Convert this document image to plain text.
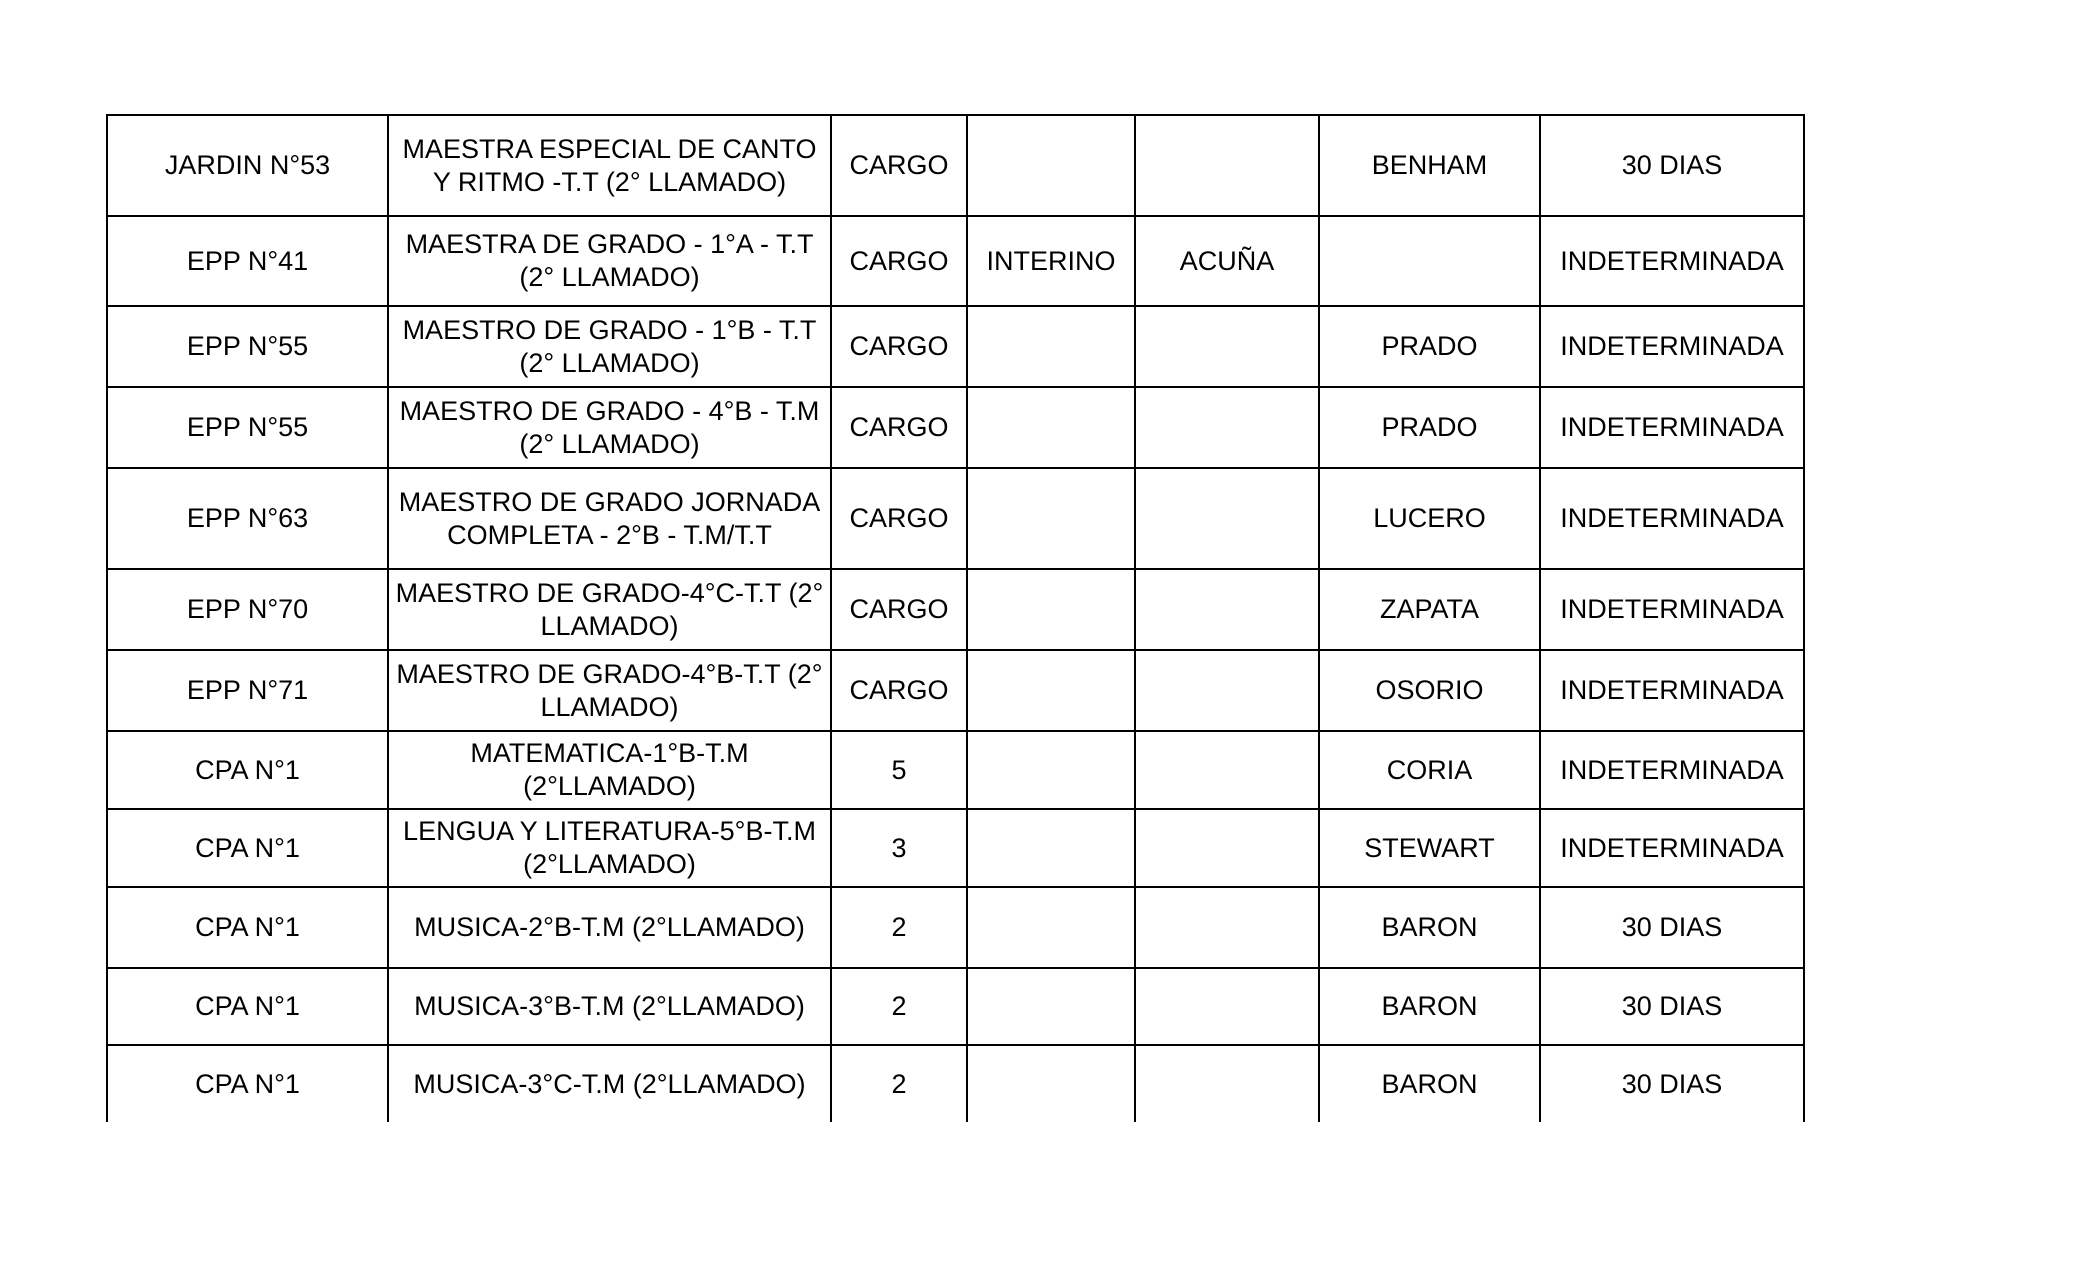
JARDIN N°53	MAESTRA ESPECIAL DE CANTO Y RITMO -T.T (2° LLAMADO)	CARGO			BENHAM	30 DIAS
EPP N°41	MAESTRA DE GRADO - 1°A - T.T (2° LLAMADO)	CARGO	INTERINO	ACUÑA		INDETERMINADA
EPP N°55	MAESTRO DE GRADO - 1°B - T.T (2° LLAMADO)	CARGO			PRADO	INDETERMINADA
EPP N°55	MAESTRO DE GRADO - 4°B - T.M (2° LLAMADO)	CARGO			PRADO	INDETERMINADA
EPP N°63	MAESTRO DE GRADO JORNADA COMPLETA - 2°B - T.M/T.T	CARGO			LUCERO	INDETERMINADA
EPP N°70	MAESTRO DE GRADO-4°C-T.T (2° LLAMADO)	CARGO			ZAPATA	INDETERMINADA
EPP N°71	MAESTRO DE GRADO-4°B-T.T (2° LLAMADO)	CARGO			OSORIO	INDETERMINADA
CPA N°1	MATEMATICA-1°B-T.M (2°LLAMADO)	5			CORIA	INDETERMINADA
CPA N°1	LENGUA Y LITERATURA-5°B-T.M (2°LLAMADO)	3			STEWART	INDETERMINADA
CPA N°1	MUSICA-2°B-T.M (2°LLAMADO)	2			BARON	30 DIAS
CPA N°1	MUSICA-3°B-T.M (2°LLAMADO)	2			BARON	30 DIAS
CPA N°1	MUSICA-3°C-T.M (2°LLAMADO)	2			BARON	30 DIAS
